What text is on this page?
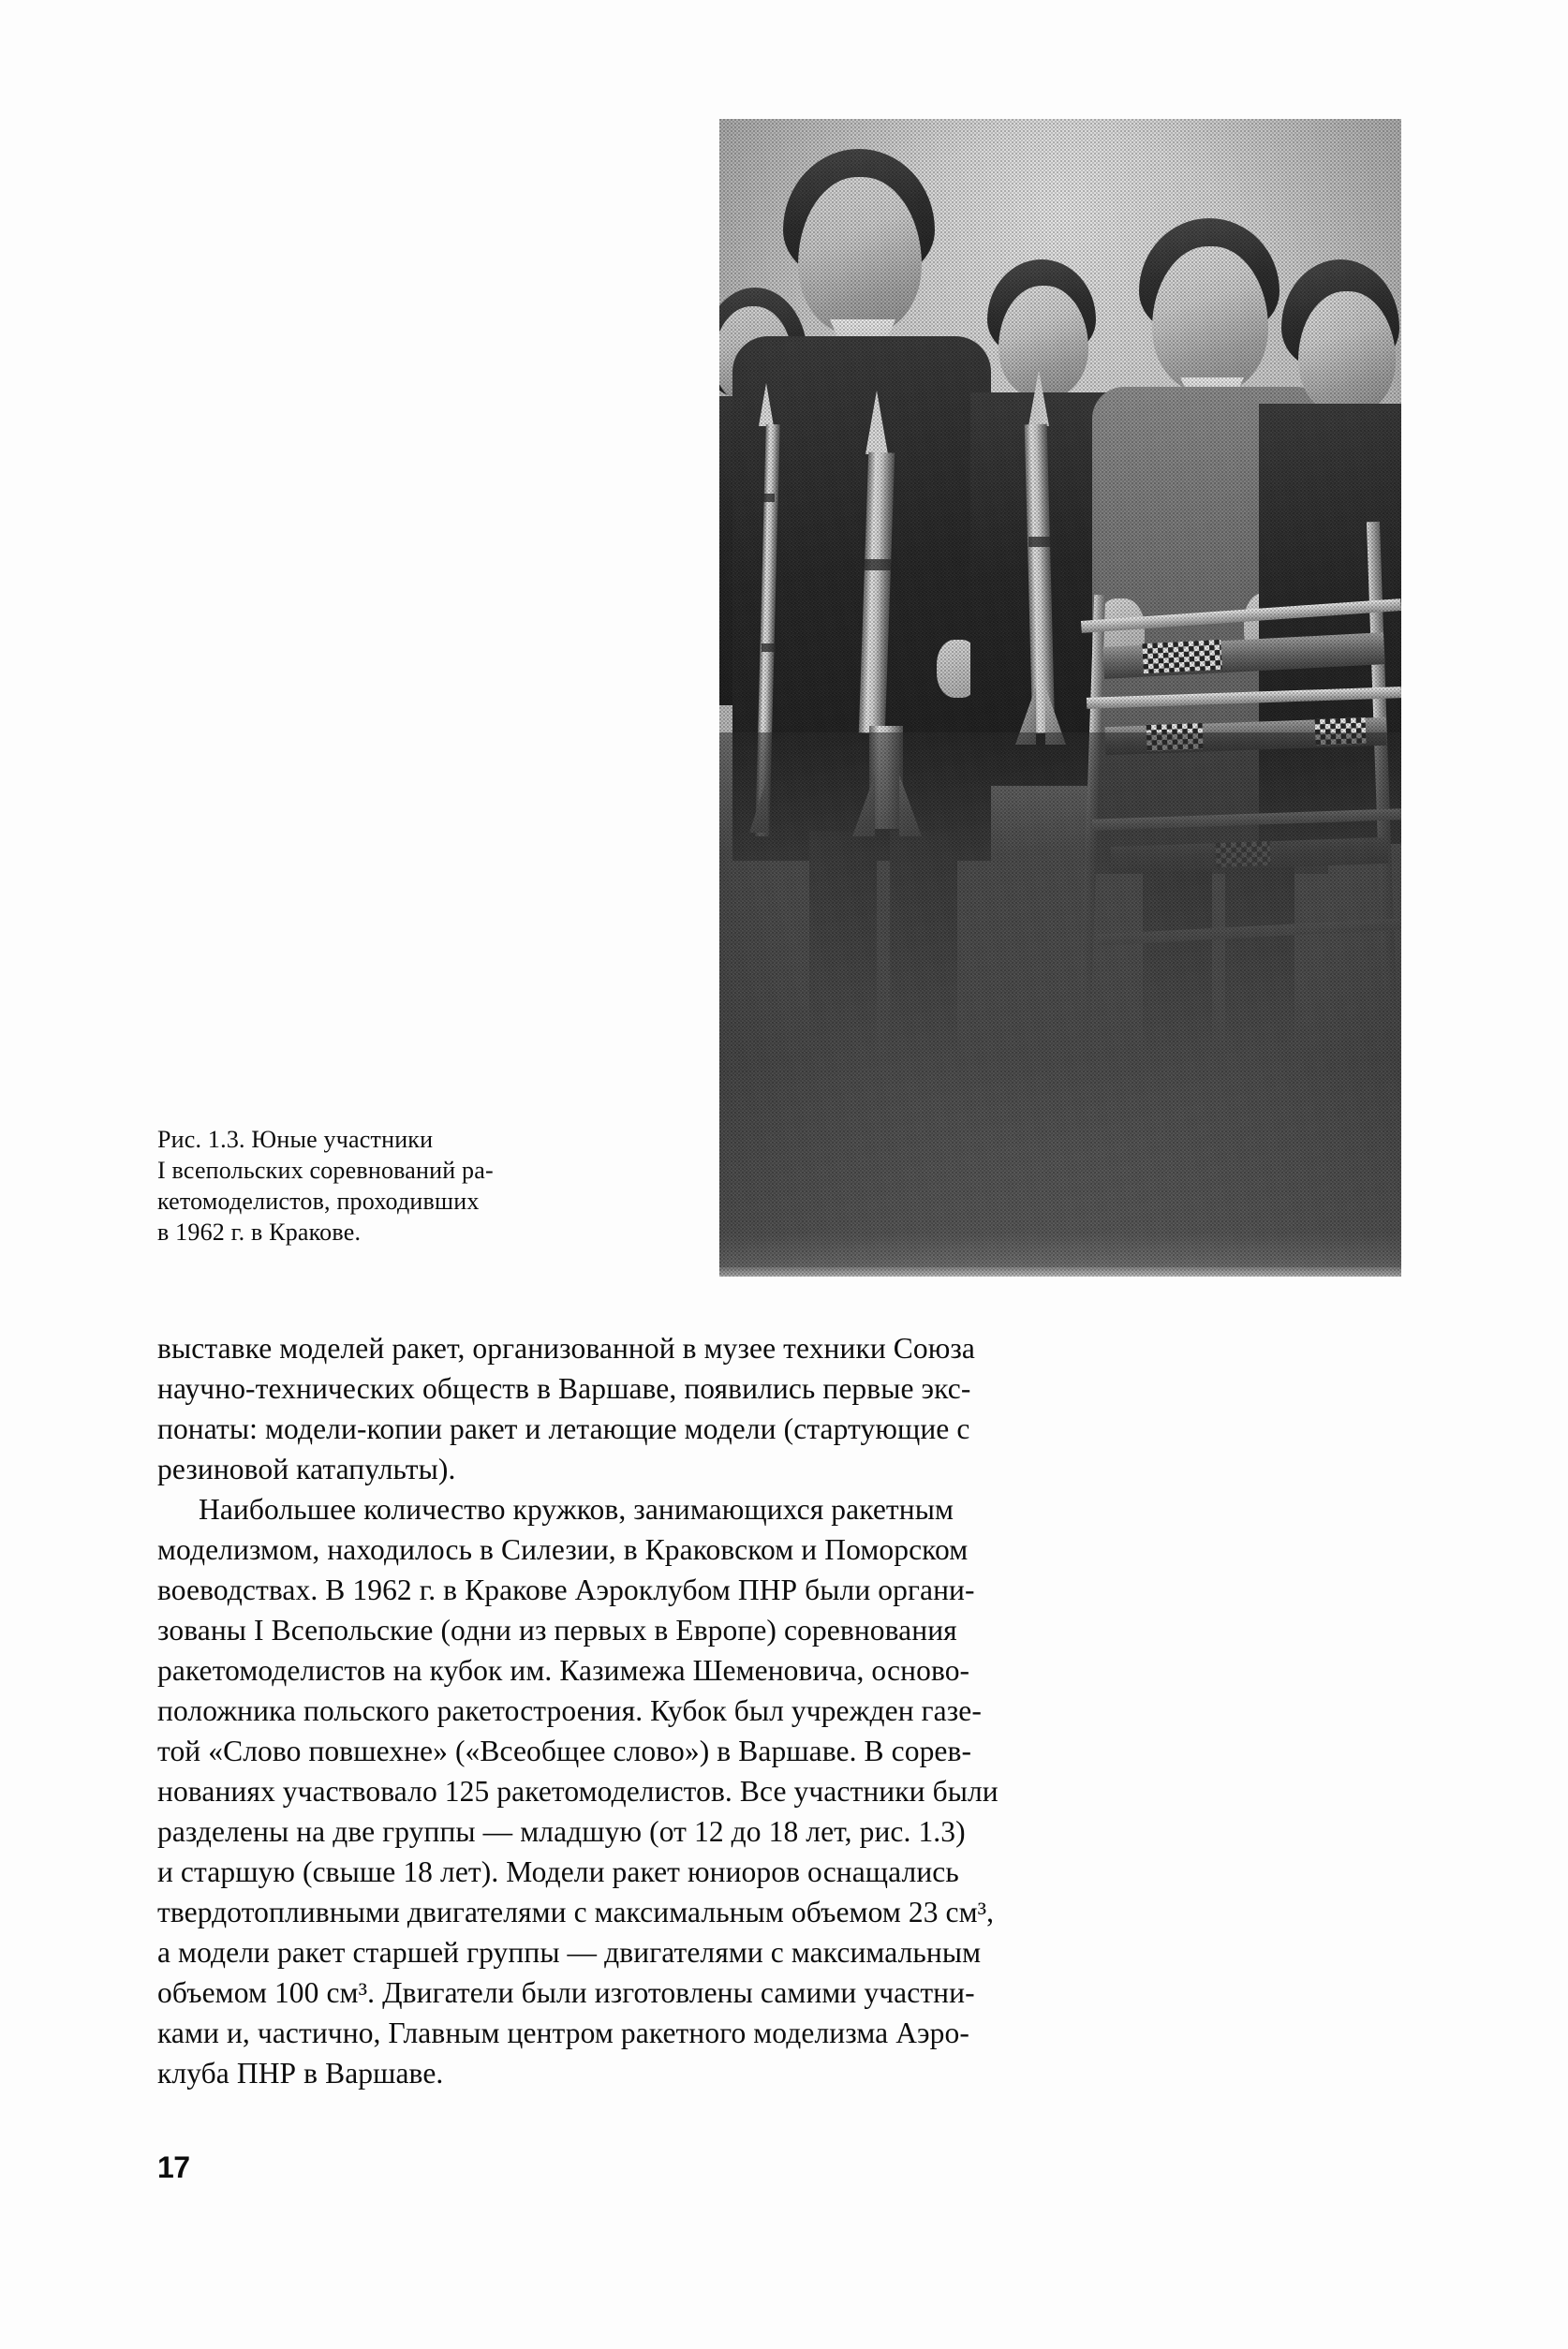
Рис. 1.3. Юные участники
I всепольских соревнований ра-
кетомоделистов, проходивших
в 1962 г. в Кракове.

выставке моделей ракет, организованной в музее техники Союза
научно-технических обществ в Варшаве, появились первые экс-
понаты: модели-копии ракет и летающие модели (стартующие с
резиновой катапульты).

Наибольшее количество кружков, занимающихся ракетным
моделизмом, находилось в Силезии, в Краковском и Поморском
воеводствах. В 1962 г. в Кракове Аэроклубом ПНР были органи-
зованы I Всепольские (одни из первых в Европе) соревнования
ракетомоделистов на кубок им. Казимежа Шеменовича, осново-
положника польского ракетостроения. Кубок был учрежден газе-
той «Слово повшехне» («Всеобщее слово») в Варшаве. В сорев-
нованиях участвовало 125 ракетомоделистов. Все участники были
разделены на две группы — младшую (от 12 до 18 лет, рис. 1.3)
и старшую (свыше 18 лет). Модели ракет юниоров оснащались
твердотопливными двигателями с максимальным объемом 23 см³,
а модели ракет старшей группы — двигателями с максимальным
объемом 100 см³. Двигатели были изготовлены самими участни-
ками и, частично, Главным центром ракетного моделизма Аэро-
клуба ПНР в Варшаве.

17
